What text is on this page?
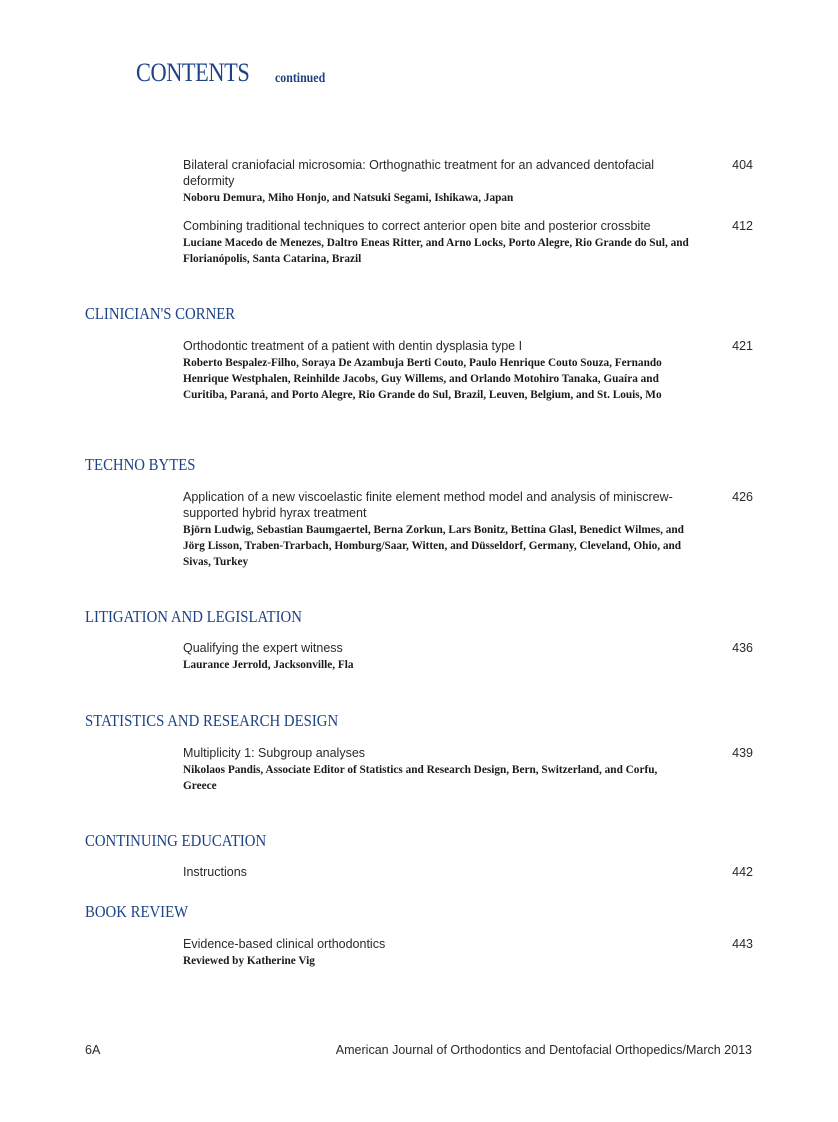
CONTENTS continued
Bilateral craniofacial microsomia: Orthognathic treatment for an advanced dentofacial deformity
Noboru Demura, Miho Honjo, and Natsuki Segami, Ishikawa, Japan
404
Combining traditional techniques to correct anterior open bite and posterior crossbite
Luciane Macedo de Menezes, Daltro Eneas Ritter, and Arno Locks, Porto Alegre, Rio Grande do Sul, and Florianópolis, Santa Catarina, Brazil
412
CLINICIAN'S CORNER
Orthodontic treatment of a patient with dentin dysplasia type I
Roberto Bespalez-Filho, Soraya De Azambuja Berti Couto, Paulo Henrique Couto Souza, Fernando Henrique Westphalen, Reinhilde Jacobs, Guy Willems, and Orlando Motohiro Tanaka, Guaíra and Curitiba, Paraná, and Porto Alegre, Rio Grande do Sul, Brazil, Leuven, Belgium, and St. Louis, Mo
421
TECHNO BYTES
Application of a new viscoelastic finite element method model and analysis of miniscrew-supported hybrid hyrax treatment
Björn Ludwig, Sebastian Baumgaertel, Berna Zorkun, Lars Bonitz, Bettina Glasl, Benedict Wilmes, and Jörg Lisson, Traben-Trarbach, Homburg/Saar, Witten, and Düsseldorf, Germany, Cleveland, Ohio, and Sivas, Turkey
426
LITIGATION AND LEGISLATION
Qualifying the expert witness
Laurance Jerrold, Jacksonville, Fla
436
STATISTICS AND RESEARCH DESIGN
Multiplicity 1: Subgroup analyses
Nikolaos Pandis, Associate Editor of Statistics and Research Design, Bern, Switzerland, and Corfu, Greece
439
CONTINUING EDUCATION
Instructions	442
BOOK REVIEW
Evidence-based clinical orthodontics
Reviewed by Katherine Vig
443
6A	American Journal of Orthodontics and Dentofacial Orthopedics/March 2013
